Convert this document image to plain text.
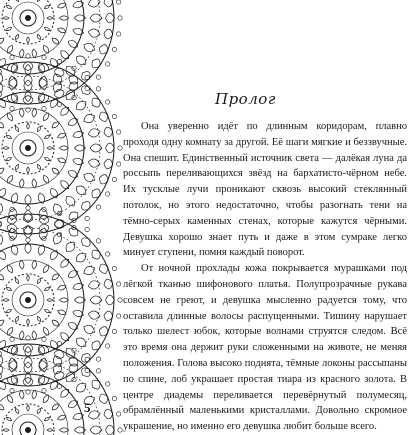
Пролог

Она уверенно идёт по длинным коридорам, плавно проходя одну комнату за другой. Её шаги мягкие и беззвучные. Она спешит. Единственный источник света — далёкая луна да россыпь переливающихся звёзд на бархатисто-чёрном небе. Их тусклые лучи проникают сквозь высокий стеклянный потолок, но этого недостаточно, чтобы разогнать тени на тёмно-серых каменных стенах, которые кажутся чёрными. Девушка хорошо знает путь и даже в этом сумраке легко минует ступени, помня каждый поворот.

От ночной прохлады кожа покрывается мурашками под лёгкой тканью шифонового платья. Полупрозрачные рукава совсем не греют, и девушка мысленно радуется тому, что оставила длинные волосы распущенными. Тишину нарушает только шелест юбок, которые волнами струятся следом. Всё это время она держит руки сложенными на животе, не меняя положения. Голова высоко поднята, тёмные локоны рассыпаны по спине, лоб украшает простая тиара из красного золота. В центре диадемы переливается перевёрнутый полумесяц, обрамлённый маленькими кристаллами. Довольно скромное украшение, но именно его девушка любит больше всего.

5
